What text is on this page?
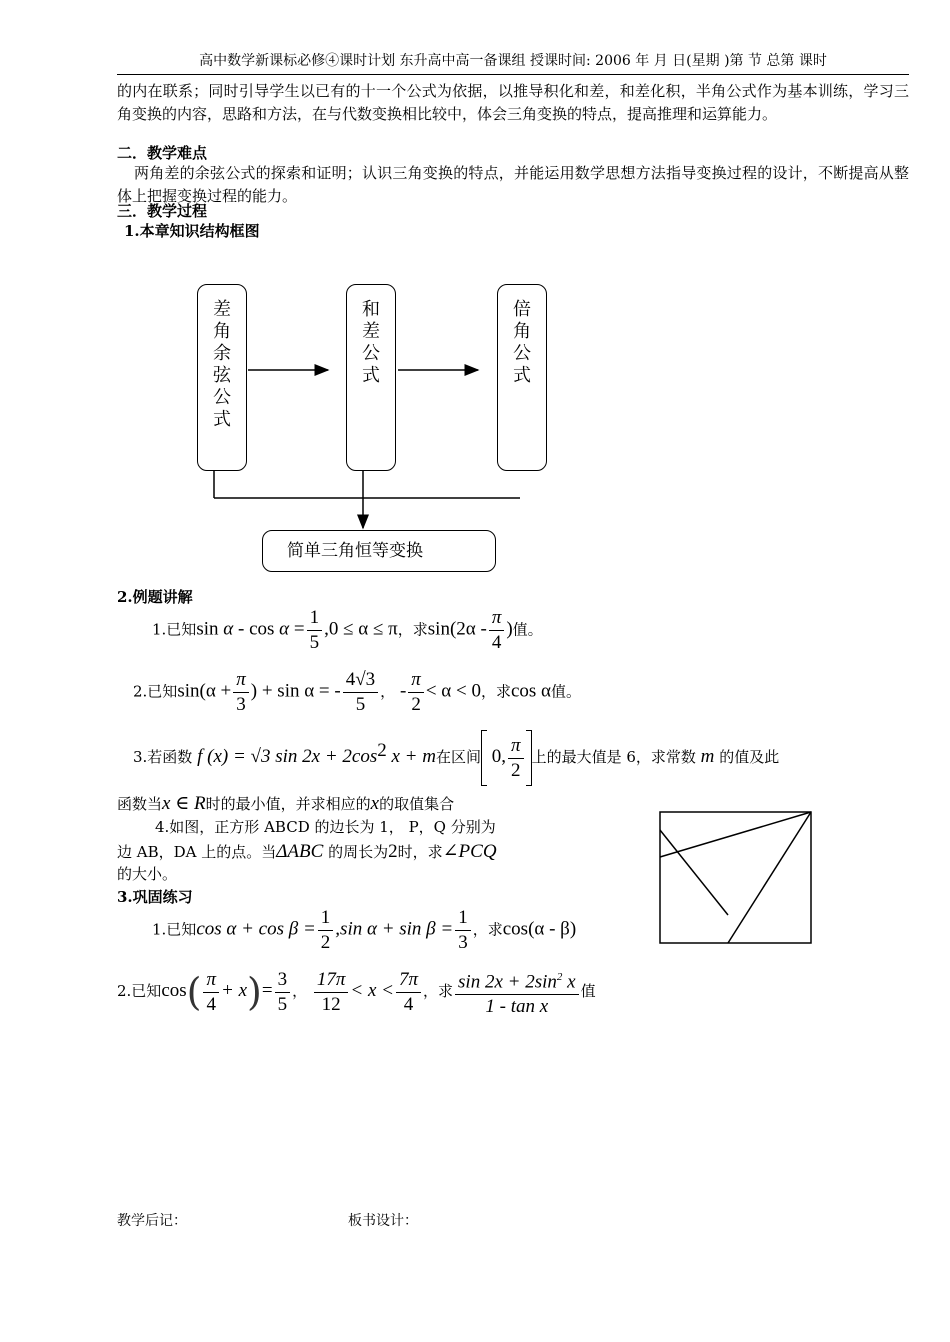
高中数学新课标必修④课时计划 东升高中高一备课组 授课时间: 2006 年 月 日(星期 )第 节 总第 课时
的内在联系；同时引导学生以已有的十一个公式为依据，以推导积化和差，和差化积，半角公式作为基本训练，学习三角变换的内容，思路和方法，在与代数变换相比较中，体会三角变换的特点，提高推理和运算能力。
二．教学难点
两角差的余弦公式的探索和证明；认识三角变换的特点，并能运用数学思想方法指导变换过程的设计，不断提高从整体上把握变换过程的能力。
三．教学过程
1.本章知识结构框图
差
角
余
弦
公
式
和
差
公
式
倍
角
公
式
简单三角恒等变换
2.例题讲解
1.已知$\sin \alpha - \cos \alpha = \frac{1}{5} ,0 \le \alpha \le \pi$，求$\sin(2\alpha - \frac{\pi}{4}$ )值。
2.已知$\sin(\alpha + \frac{\pi}{3}$ ) + sin α = - $\frac{4√3}{5}$ ， - $\frac{\pi}{2} < \alpha < 0$，求cos α值。
3.若函数 f (x) = √3 $\sin 2x + 2\cos^2$ x + m在区间 0, $\frac{\pi}{2}$ 上的最大值是 6，求常数 m 的值及此
函数当x ∈ R时的最小值，并求相应的x的取值集合
4.如图，正方形 ABCD 的边长为 1， P，Q 分别为
边 AB，DA 上的点。当ΔABC 的周长为2时，求∠PCQ
的大小。
3.巩固练习
1.已知$\cos \alpha + \cos \beta = \frac{1}{2} ,\sin$ $\alpha + \sin \beta = \frac{1}{3}$ ，求cos(α - β)
2.已知$\cos( \frac{\pi}{4} + x)= \frac{3}{5}$ ， $\frac{17\pi}{12} < x < \frac{7\pi}{4}$ ，求 $\frac{\sin 2x + 2\sin^2 x}{\text{1 - tan x}}$ 值
教学后记：	板书设计：
